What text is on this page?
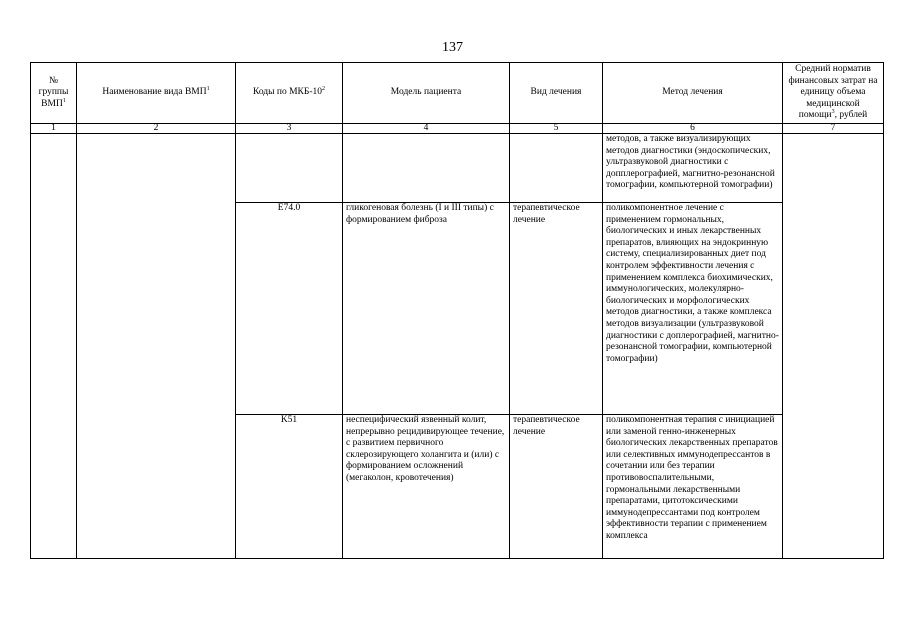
137
№ группы ВМП$^1$	Наименование вида ВМП$^1$	Коды по МКБ-$10^2$	Модель пациента	Вид лечения	Метод лечения	Средний норматив финансовых затрат на единицу объема медицинской помощи$^3$, рублей
1	2	3	4	5	6	7
					методов, а также визуализирующих методов диагностики (эндоскопических, ультразвуковой диагностики с допплерографией, магнитно-резонансной томографии, компьютерной томографии)	
		E74.0	гликогеновая болезнь (I и III типы) с формированием фиброза	терапевтическое лечение	поликомпонентное лечение с применением гормональных, биологических и иных лекарственных препаратов, влияющих на эндокринную систему, специализированных диет под контролем эффективности лечения с применением комплекса биохимических, иммунологических, молекулярно-биологических и морфологических методов диагностики, а также комплекса методов визуализации (ультразвуковой диагностики с доплерографией, магнитно-резонансной томографии, компьютерной томографии)	
		K51	неспецифический язвенный колит, непрерывно рецидивирующее течение, с развитием первичного склерозирующего холангита и (или) с формированием осложнений (мегаколон, кровотечения)	терапевтическое лечение	поликомпонентная терапия с инициацией или заменой генно-инженерных биологических лекарственных препаратов или селективных иммунодепрессантов в сочетании или без терапии противовоспалительными, гормональными лекарственными препаратами, цитотоксическими иммунодепрессантами под контролем эффективности терапии с применением комплекса	
